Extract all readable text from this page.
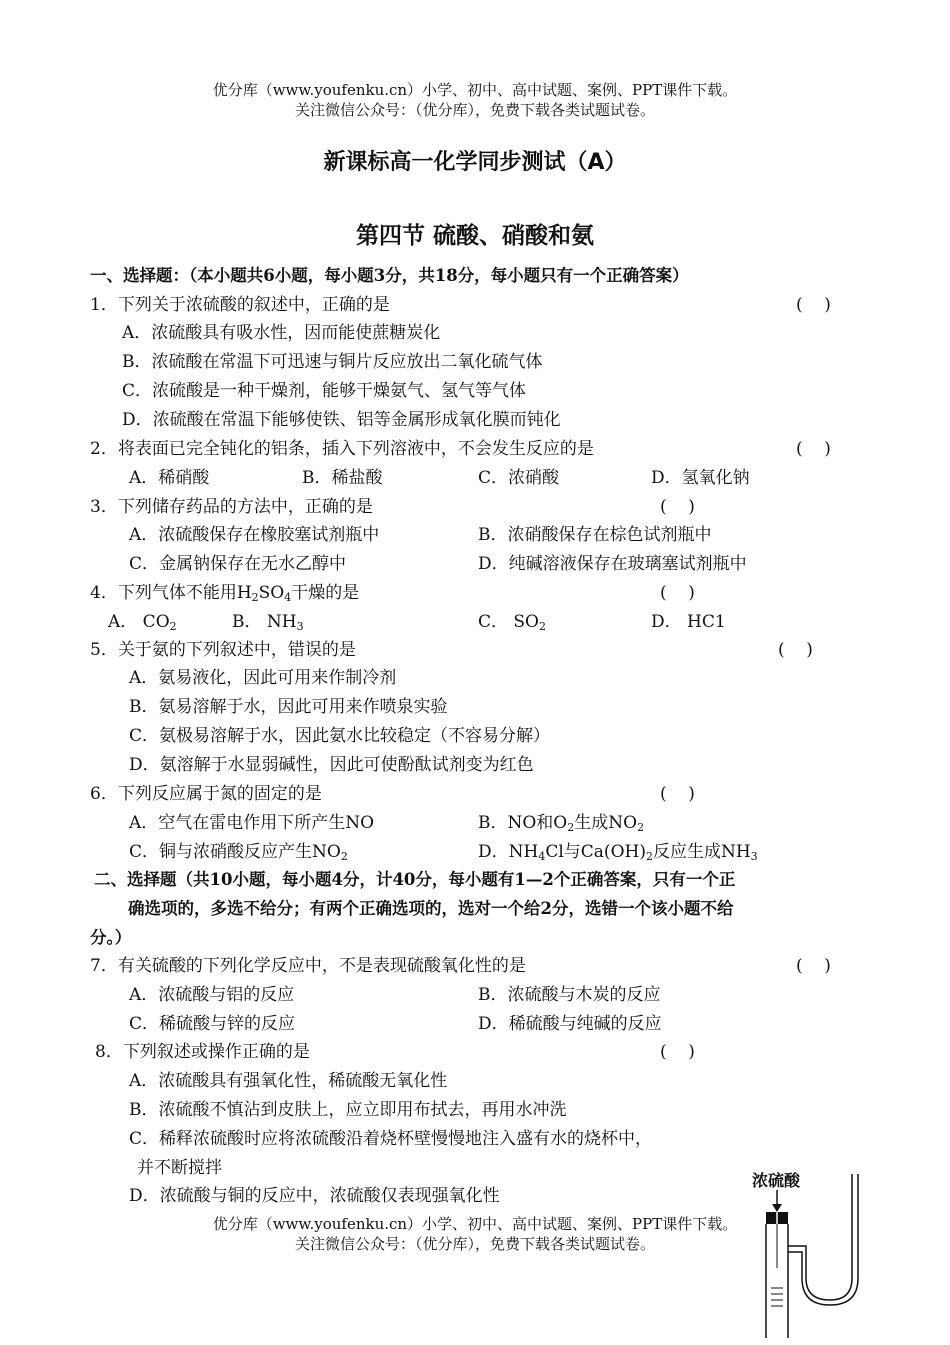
优分库（www.youfenku.cn）小学、初中、高中试题、案例、PPT课件下载。
关注微信公众号：（优分库），免费下载各类试题试卷。
新课标高一化学同步测试（A）
第四节 硫酸、硝酸和氨
一、选择题：（本小题共6小题，每小题3分，共18分，每小题只有一个正确答案）
1．下列关于浓硫酸的叙述中，正确的是	(    )
A．浓硫酸具有吸水性，因而能使蔗糖炭化
B．浓硫酸在常温下可迅速与铜片反应放出二氧化硫气体
C．浓硫酸是一种干燥剂，能够干燥氨气、氢气等气体
D．浓硫酸在常温下能够使铁、铝等金属形成氧化膜而钝化
2．将表面已完全钝化的铝条，插入下列溶液中，不会发生反应的是	(    )
A．稀硝酸	B．稀盐酸	C．浓硝酸	D．氢氧化钠
3．下列储存药品的方法中，正确的是	(    )
A．浓硫酸保存在橡胶塞试剂瓶中	B．浓硝酸保存在棕色试剂瓶中
C．金属钠保存在无水乙醇中	D．纯碱溶液保存在玻璃塞试剂瓶中
4．下列气体不能用$H_2SO_4$干燥的是	(    )
A． $CO_2$	B． $NH_3$	C． $SO_2$	D． HC1
5．关于氨的下列叙述中，错误的是	(    )
A．氨易液化，因此可用来作制冷剂
B．氨易溶解于水，因此可用来作喷泉实验
C．氨极易溶解于水，因此氨水比较稳定（不容易分解）
D．氨溶解于水显弱碱性，因此可使酚酞试剂变为红色
6．下列反应属于氮的固定的是	(    )
A．空气在雷电作用下所产生NO	B．NO和$O_2$生成$NO_2$
C．铜与浓硝酸反应产生$NO_2$	D．$NH_4Cl$与$Ca(OH)_2$反应生成$NH_3$
二、选择题（共10小题，每小题4分，计40分，每小题有1—2个正确答案，只有一个正
确选项的，多选不给分；有两个正确选项的，选对一个给2分，选错一个该小题不给
分。）
7．有关硫酸的下列化学反应中，不是表现硫酸氧化性的是	(    )
A．浓硫酸与铝的反应	B．浓硫酸与木炭的反应
C．稀硫酸与锌的反应	D．稀硫酸与纯碱的反应
8．下列叙述或操作正确的是	(    )
A．浓硫酸具有强氧化性，稀硫酸无氧化性
B．浓硫酸不慎沾到皮肤上，应立即用布拭去，再用水冲洗
C．稀释浓硫酸时应将浓硫酸沿着烧杯壁慢慢地注入盛有水的烧杯中，
并不断搅拌
D．浓硫酸与铜的反应中，浓硫酸仅表现强氧化性
优分库（www.youfenku.cn）小学、初中、高中试题、案例、PPT课件下载。
关注微信公众号：（优分库），免费下载各类试题试卷。
浓硫酸
